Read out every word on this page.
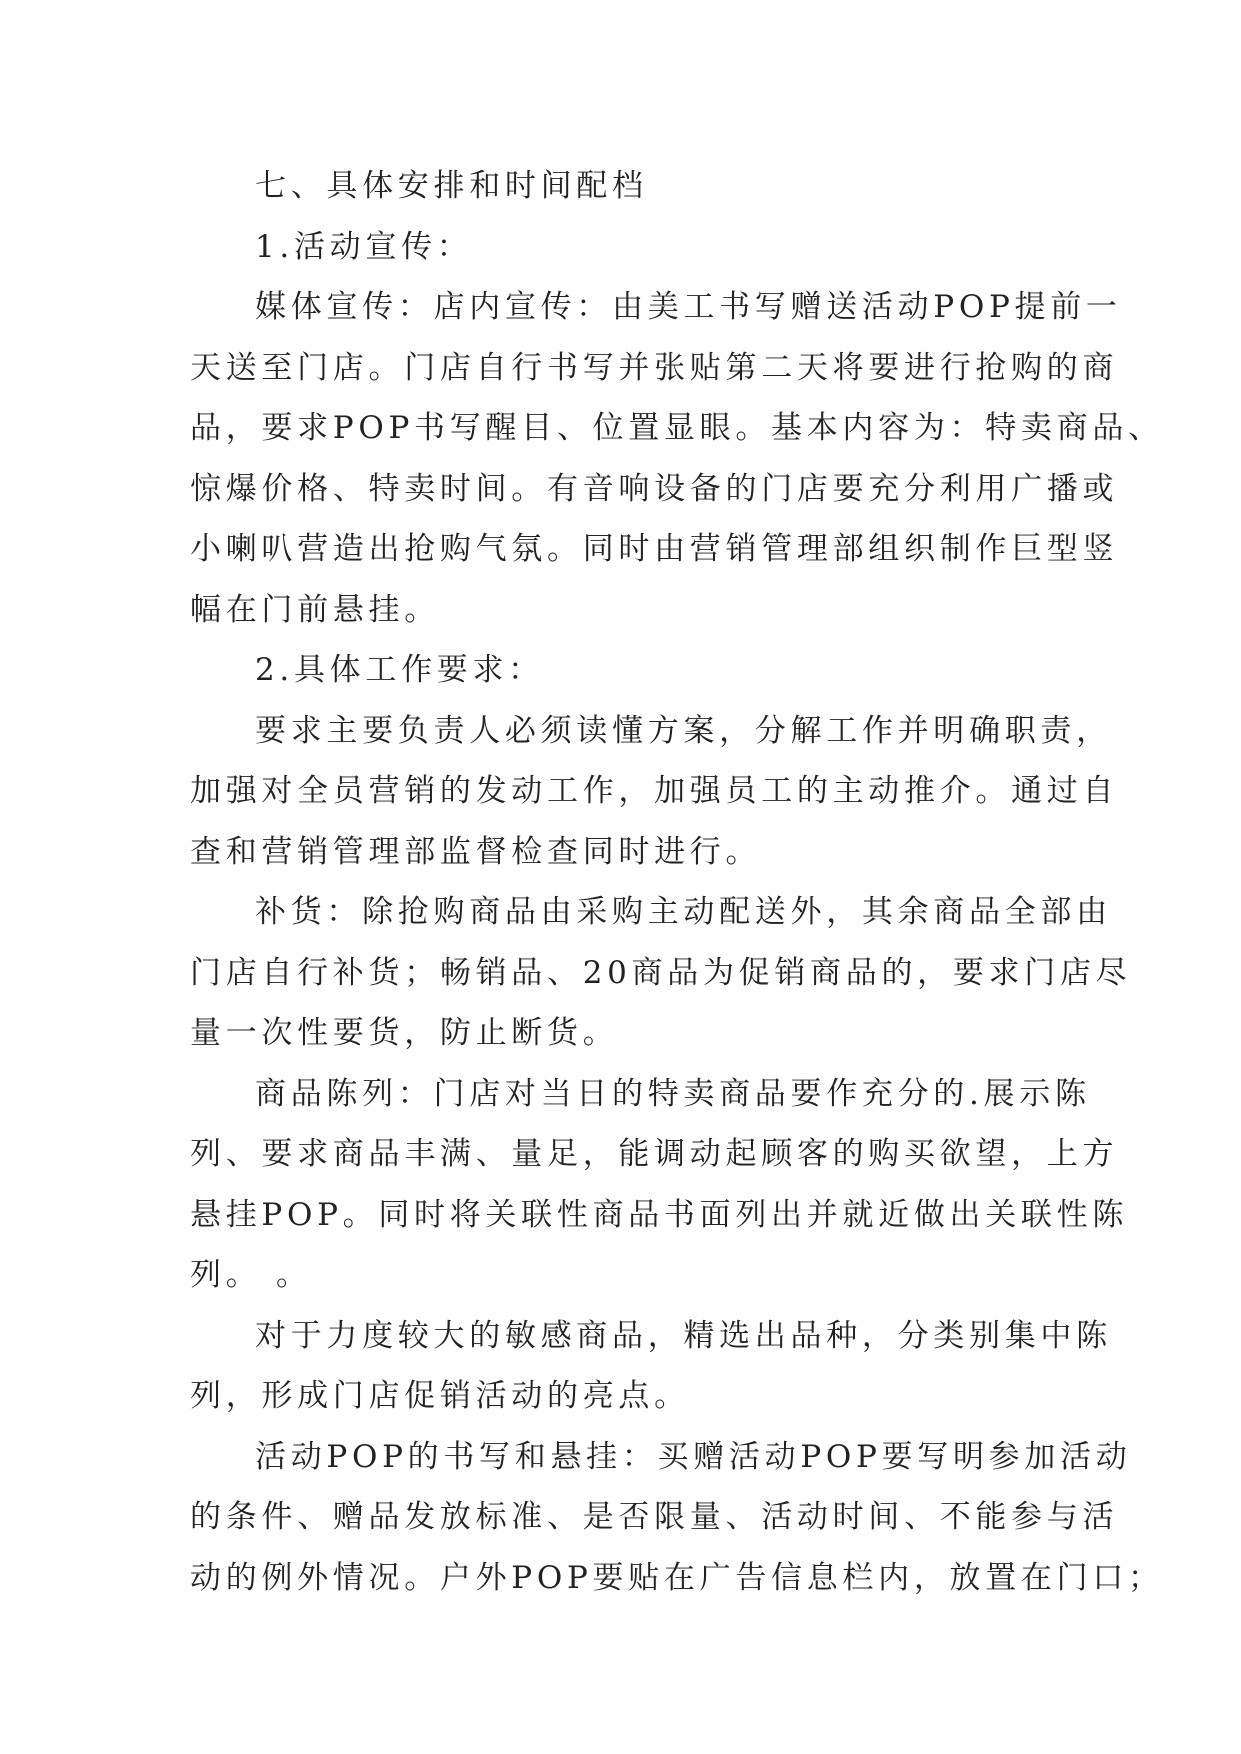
七、具体安排和时间配档
1.活动宣传：
媒体宣传：店内宣传：由美工书写赠送活动POP提前一
天送至门店。门店自行书写并张贴第二天将要进行抢购的商
品，要求POP书写醒目、位置显眼。基本内容为：特卖商品、
惊爆价格、特卖时间。有音响设备的门店要充分利用广播或
小喇叭营造出抢购气氛。同时由营销管理部组织制作巨型竖
幅在门前悬挂。
2.具体工作要求：
要求主要负责人必须读懂方案，分解工作并明确职责，
加强对全员营销的发动工作，加强员工的主动推介。通过自
查和营销管理部监督检查同时进行。
补货：除抢购商品由采购主动配送外，其余商品全部由
门店自行补货；畅销品、20商品为促销商品的，要求门店尽
量一次性要货，防止断货。
商品陈列：门店对当日的特卖商品要作充分的.展示陈
列、要求商品丰满、量足，能调动起顾客的购买欲望，上方
悬挂POP。同时将关联性商品书面列出并就近做出关联性陈
列。 。
对于力度较大的敏感商品，精选出品种，分类别集中陈
列，形成门店促销活动的亮点。
活动POP的书写和悬挂：买赠活动POP要写明参加活动
的条件、赠品发放标准、是否限量、活动时间、不能参与活
动的例外情况。户外POP要贴在广告信息栏内，放置在门口；
